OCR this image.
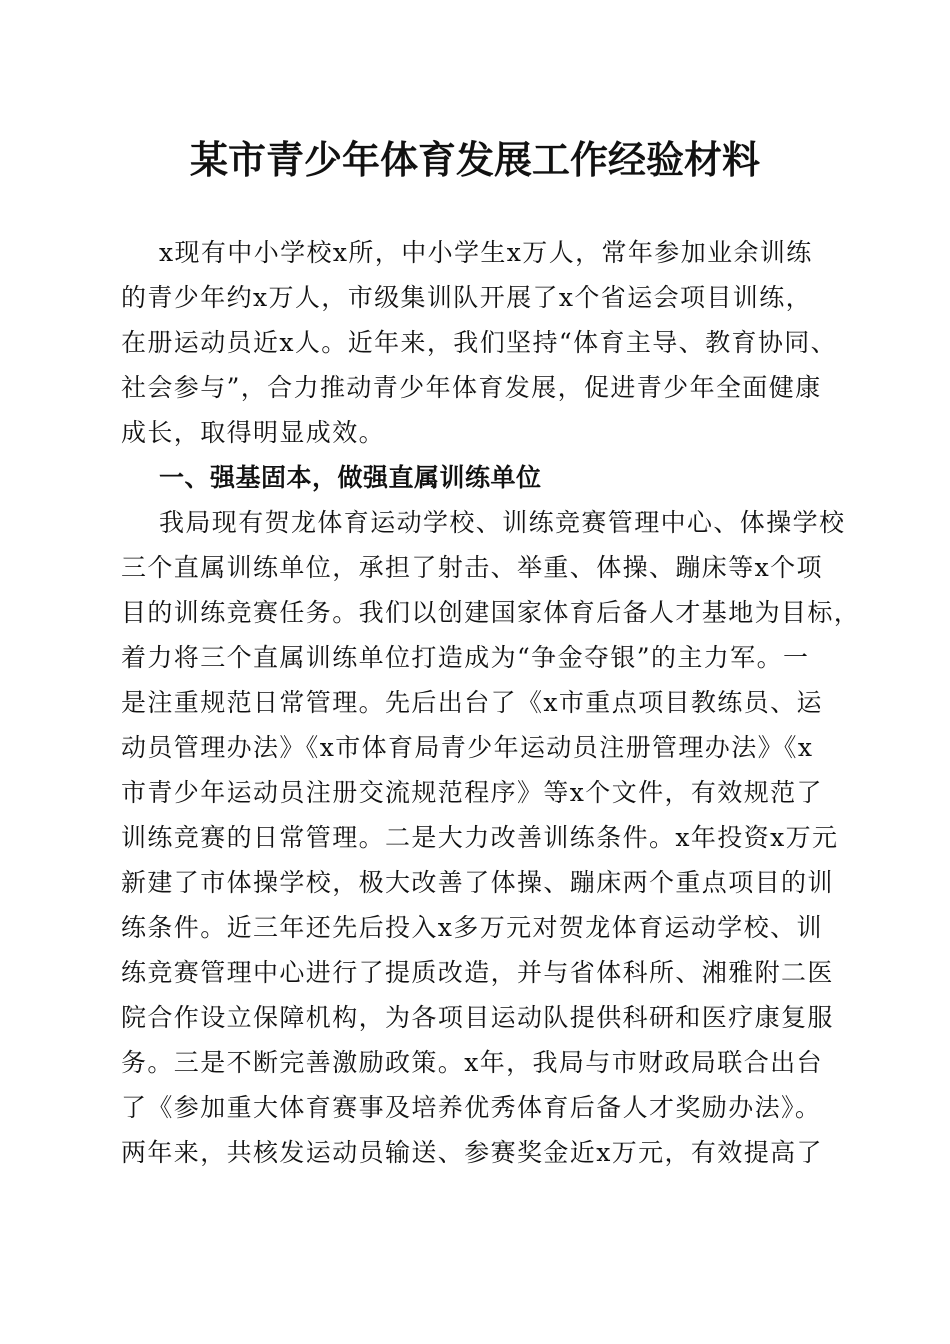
某市青少年体育发展工作经验材料
x现有中小学校x所，中小学生x万人，常年参加业余训练
的青少年约x万人，市级集训队开展了x个省运会项目训练，
在册运动员近x人。近年来，我们坚持“体育主导、教育协同、
社会参与”，合力推动青少年体育发展，促进青少年全面健康
成长，取得明显成效。
一、强基固本，做强直属训练单位
我局现有贺龙体育运动学校、训练竞赛管理中心、体操学校
三个直属训练单位，承担了射击、举重、体操、蹦床等x个项
目的训练竞赛任务。我们以创建国家体育后备人才基地为目标，
着力将三个直属训练单位打造成为“争金夺银”的主力军。一
是注重规范日常管理。先后出台了《x市重点项目教练员、运
动员管理办法》《x市体育局青少年运动员注册管理办法》《x
市青少年运动员注册交流规范程序》等x个文件，有效规范了
训练竞赛的日常管理。二是大力改善训练条件。x年投资x万元
新建了市体操学校，极大改善了体操、蹦床两个重点项目的训
练条件。近三年还先后投入x多万元对贺龙体育运动学校、训
练竞赛管理中心进行了提质改造，并与省体科所、湘雅附二医
院合作设立保障机构，为各项目运动队提供科研和医疗康复服
务。三是不断完善激励政策。x年，我局与市财政局联合出台
了《参加重大体育赛事及培养优秀体育后备人才奖励办法》。
两年来，共核发运动员输送、参赛奖金近x万元，有效提高了
